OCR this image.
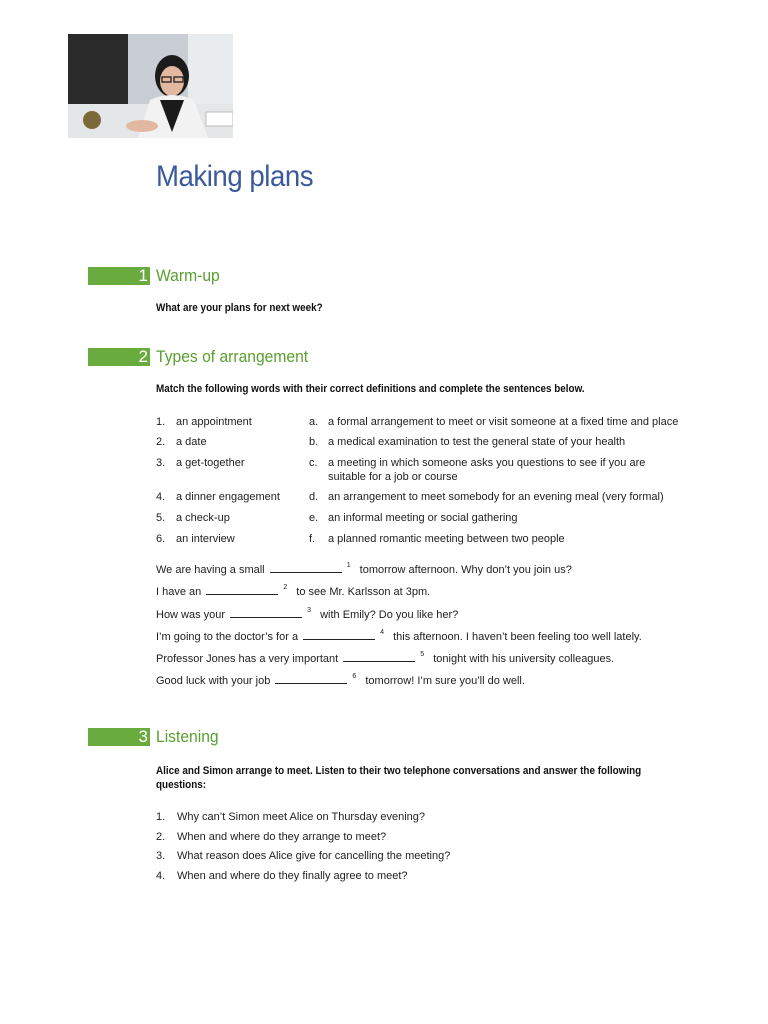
Making plans
1 Warm-up
What are your plans for next week?
2 Types of arrangement
Match the following words with their correct definitions and complete the sentences below.
1. an appointment	a. a formal arrangement to meet or visit someone at a fixed time and place
2. a date	b. a medical examination to test the general state of your health
3. a get-together	c. a meeting in which someone asks you questions to see if you are suitable for a job or course
4. a dinner engagement	d. an arrangement to meet somebody for an evening meal (very formal)
5. a check-up	e. an informal meeting or social gathering
6. an interview	f. a planned romantic meeting between two people
We are having a small	$^1$ tomorrow afternoon. Why don’t you join us?
I have an	$^2$ to see Mr. Karlsson at 3pm.
How was your	$^3$ with Emily? Do you like her?
I’m going to the doctor’s for a	$^4$ this afternoon. I haven’t been feeling too well lately.
Professor Jones has a very important	$^5$ tonight with his university colleagues.
Good luck with your job	$^6$ tomorrow! I’m sure you’ll do well.
3 Listening
Alice and Simon arrange to meet. Listen to their two telephone conversations and answer the following questions:
1. Why can’t Simon meet Alice on Thursday evening?
2. When and where do they arrange to meet?
3. What reason does Alice give for cancelling the meeting?
4. When and where do they finally agree to meet?
